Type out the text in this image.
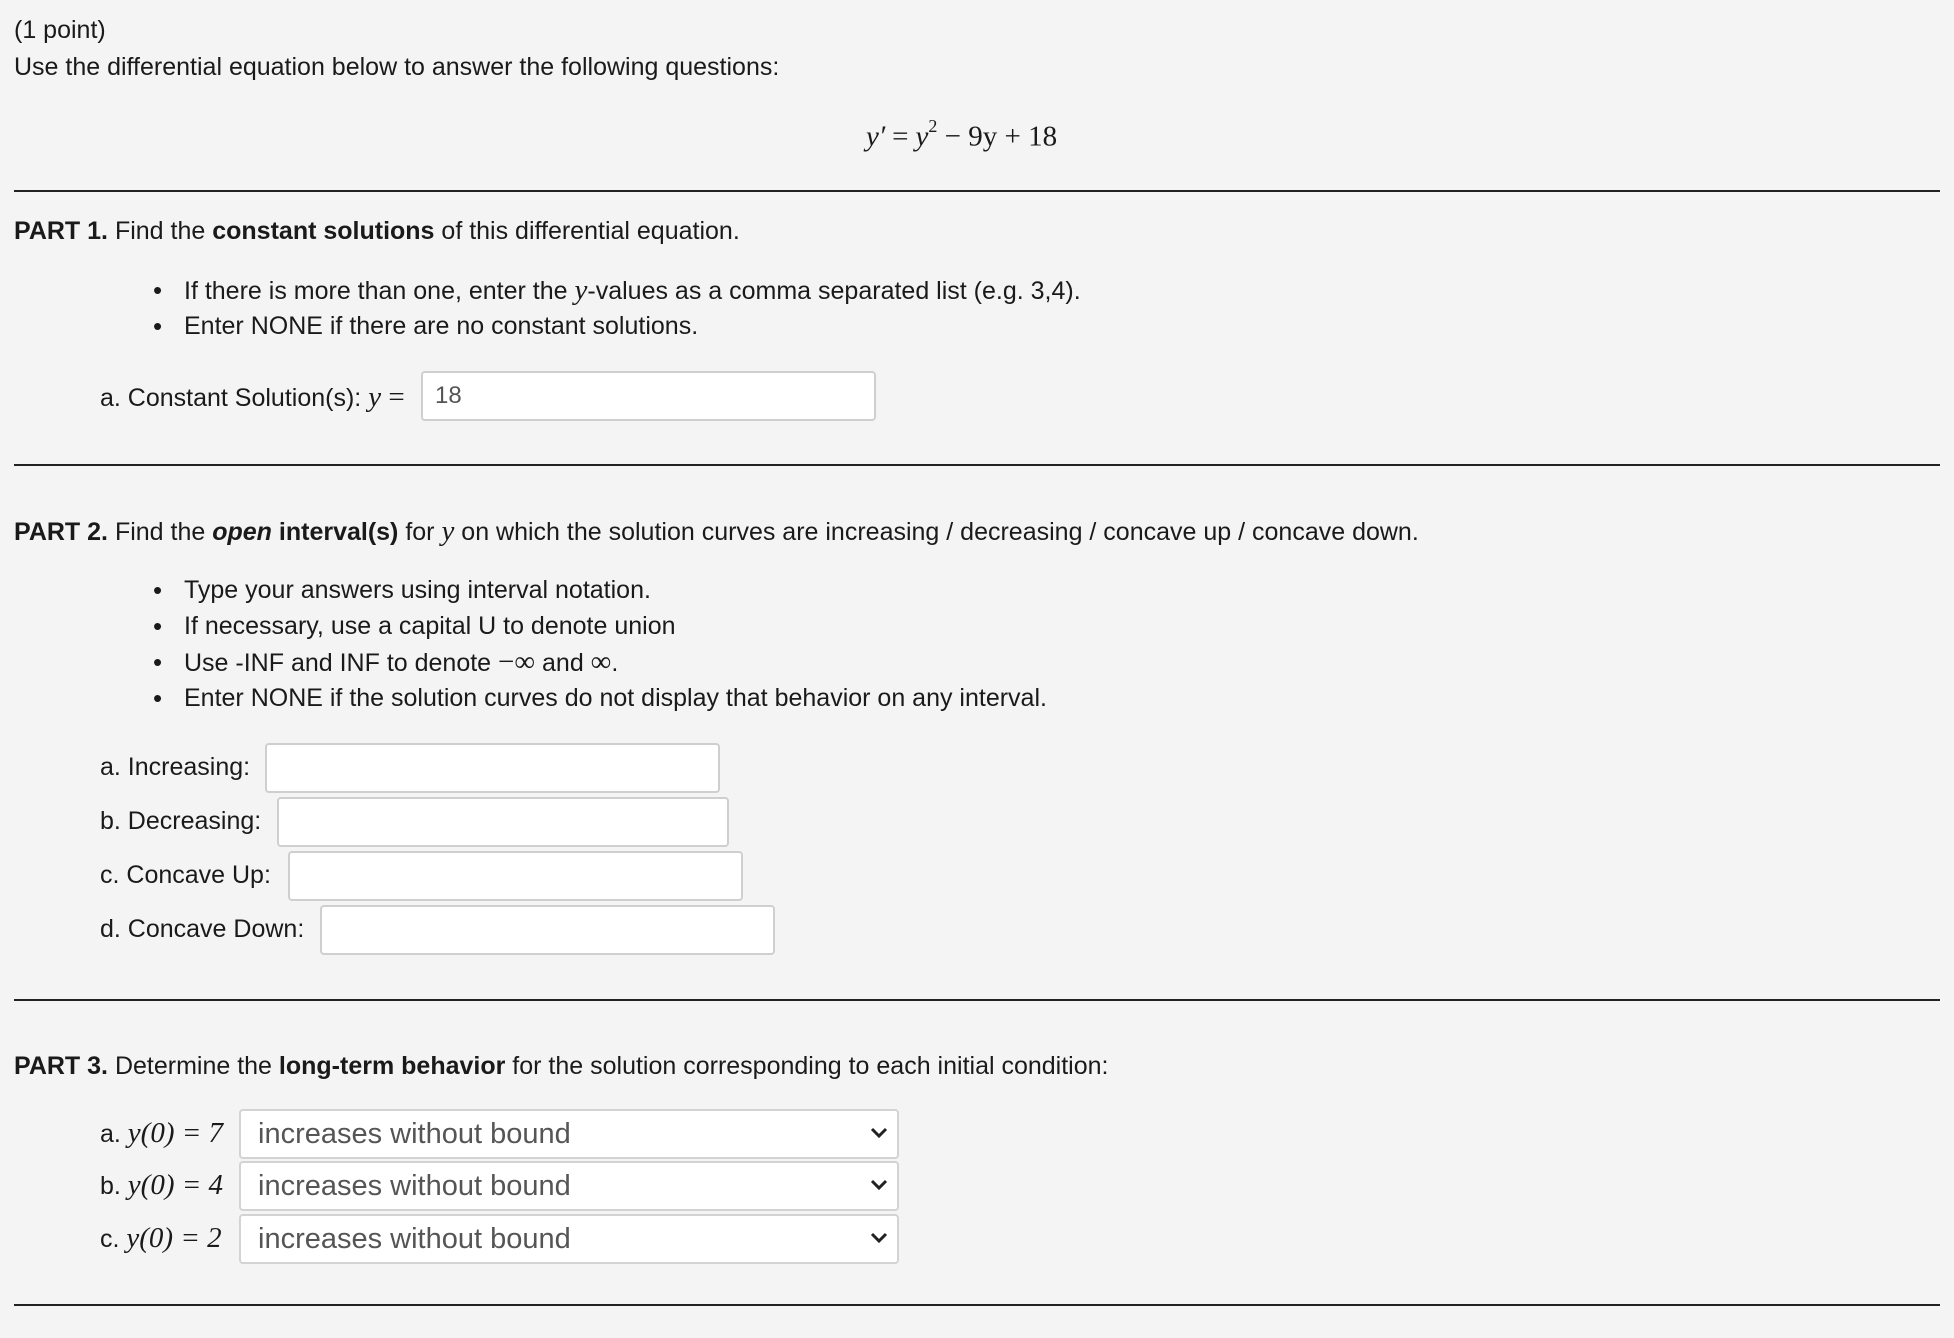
(1 point)
Use the differential equation below to answer the following questions:
$y' = y^2 - 9y + 18$
PART 1. Find the constant solutions of this differential equation.
• If there is more than one, enter the y-values as a comma separated list (e.g. 3,4).
• Enter NONE if there are no constant solutions.
a. Constant Solution(s): y =
18
PART 2. Find the open interval(s) for y on which the solution curves are increasing / decreasing / concave up / concave down.
• Type your answers using interval notation.
• If necessary, use a capital U to denote union
• Use -INF and INF to denote −∞ and ∞.
• Enter NONE if the solution curves do not display that behavior on any interval.
a. Increasing:
b. Decreasing:
c. Concave Up:
d. Concave Down:
PART 3. Determine the long-term behavior for the solution corresponding to each initial condition:
a. y(0) = 7	increases without bound
b. y(0) = 4	increases without bound
c. y(0) = 2	increases without bound
